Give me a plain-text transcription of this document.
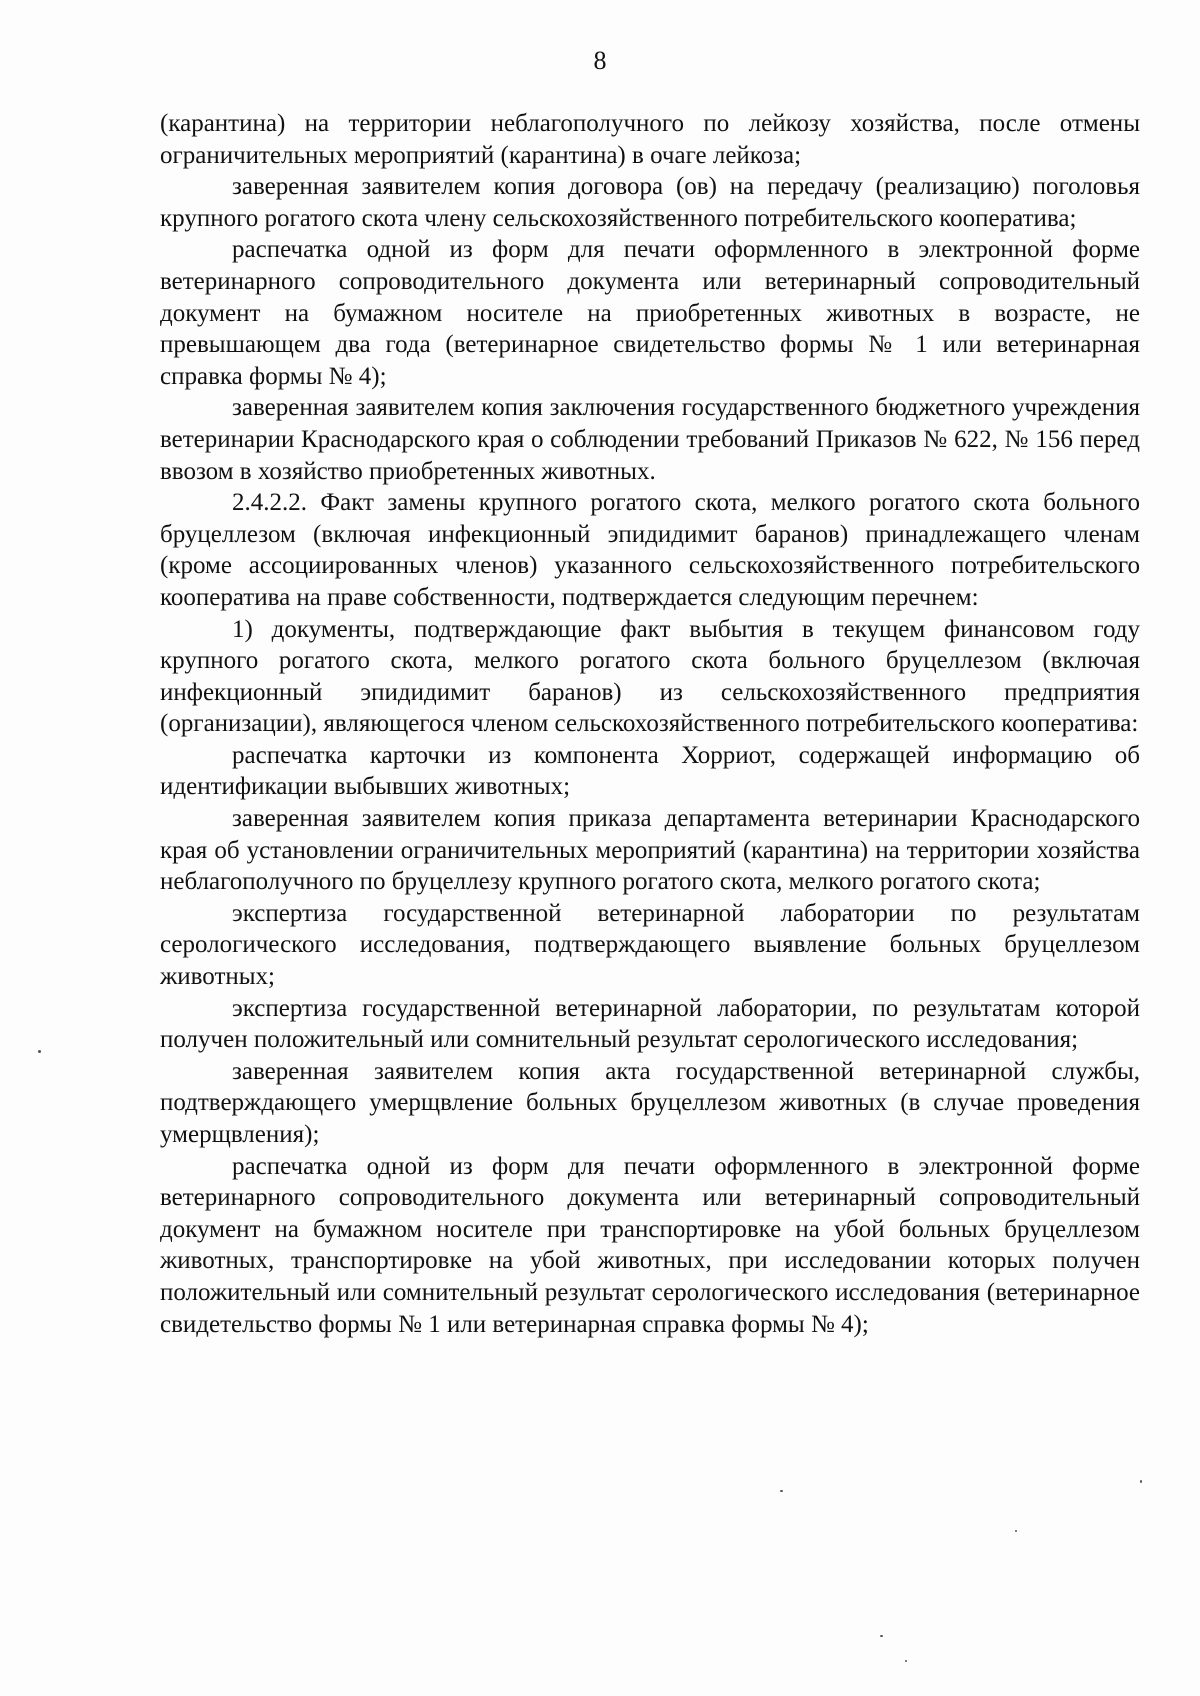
8

(карантина) на территории неблагополучного по лейкозу хозяйства, после отмены ограничительных мероприятий (карантина) в очаге лейкоза;

заверенная заявителем копия договора (ов) на передачу (реализацию) поголовья крупного рогатого скота члену сельскохозяйственного потребительского кооператива;

распечатка одной из форм для печати оформленного в электронной форме ветеринарного сопроводительного документа или ветеринарный сопроводительный документ на бумажном носителе на приобретенных животных в возрасте, не превышающем два года (ветеринарное свидетельство формы № 1 или ветеринарная справка формы № 4);

заверенная заявителем копия заключения государственного бюджетного учреждения ветеринарии Краснодарского края о соблюдении требований Приказов № 622, № 156 перед ввозом в хозяйство приобретенных животных.

2.4.2.2. Факт замены крупного рогатого скота, мелкого рогатого скота больного бруцеллезом (включая инфекционный эпидидимит баранов) принадлежащего членам (кроме ассоциированных членов) указанного сельскохозяйственного потребительского кооператива на праве собственности, подтверждается следующим перечнем:

1) документы, подтверждающие факт выбытия в текущем финансовом году крупного рогатого скота, мелкого рогатого скота больного бруцеллезом (включая инфекционный эпидидимит баранов) из сельскохозяйственного предприятия (организации), являющегося членом сельскохозяйственного потребительского кооператива:

распечатка карточки из компонента Хорриот, содержащей информацию об идентификации выбывших животных;

заверенная заявителем копия приказа департамента ветеринарии Краснодарского края об установлении ограничительных мероприятий (карантина) на территории хозяйства неблагополучного по бруцеллезу крупного рогатого скота, мелкого рогатого скота;

экспертиза государственной ветеринарной лаборатории по результатам серологического исследования, подтверждающего выявление больных бруцеллезом животных;

экспертиза государственной ветеринарной лаборатории, по результатам которой получен положительный или сомнительный результат серологического исследования;

заверенная заявителем копия акта государственной ветеринарной службы, подтверждающего умерщвление больных бруцеллезом животных (в случае проведения умерщвления);

распечатка одной из форм для печати оформленного в электронной форме ветеринарного сопроводительного документа или ветеринарный сопроводительный документ на бумажном носителе при транспортировке на убой больных бруцеллезом животных, транспортировке на убой животных, при исследовании которых получен положительный или сомнительный результат серологического исследования (ветеринарное свидетельство формы № 1 или ветеринарная справка формы № 4);
